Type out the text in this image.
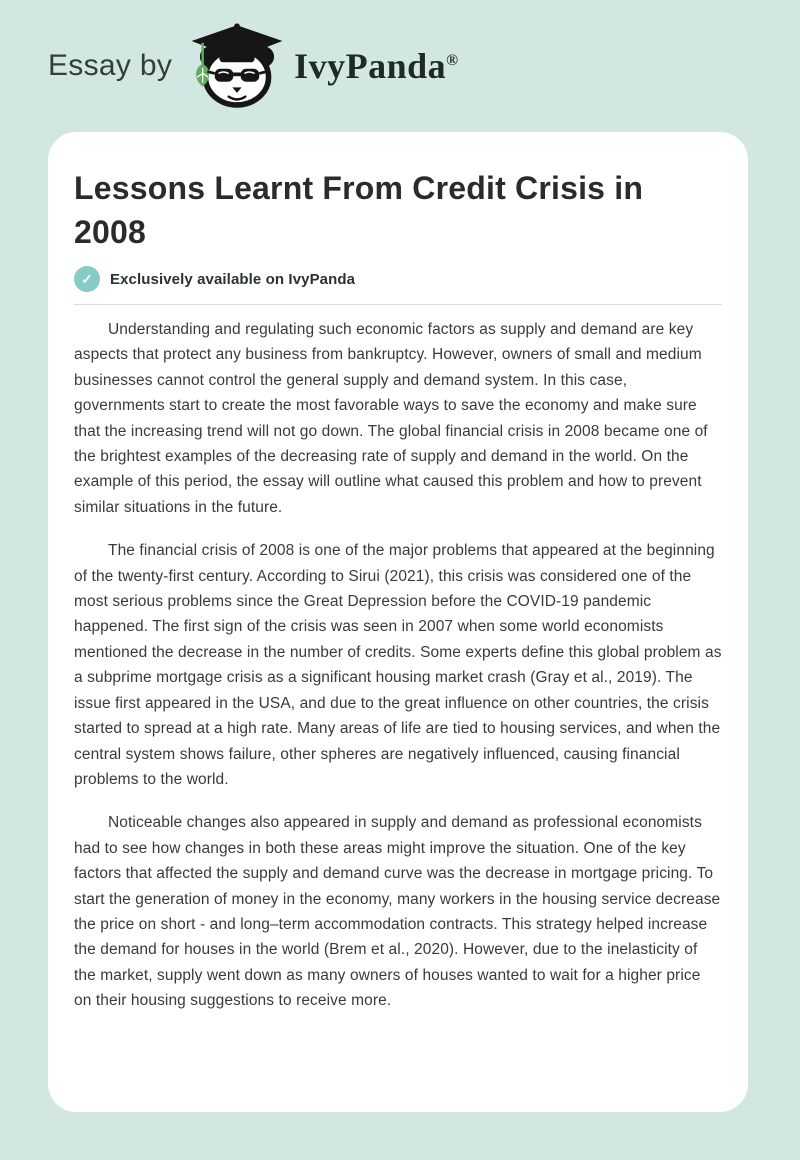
Essay by	IvyPanda®
Lessons Learnt From Credit Crisis in 2008
✓	Exclusively available on IvyPanda

Understanding and regulating such economic factors as supply and demand are key aspects that protect any business from bankruptcy. However, owners of small and medium businesses cannot control the general supply and demand system. In this case, governments start to create the most favorable ways to save the economy and make sure that the increasing trend will not go down. The global financial crisis in 2008 became one of the brightest examples of the decreasing rate of supply and demand in the world. On the example of this period, the essay will outline what caused this problem and how to prevent similar situations in the future.

The financial crisis of 2008 is one of the major problems that appeared at the beginning of the twenty-first century. According to Sirui (2021), this crisis was considered one of the most serious problems since the Great Depression before the COVID-19 pandemic happened. The first sign of the crisis was seen in 2007 when some world economists mentioned the decrease in the number of credits. Some experts define this global problem as a subprime mortgage crisis as a significant housing market crash (Gray et al., 2019). The issue first appeared in the USA, and due to the great influence on other countries, the crisis started to spread at a high rate. Many areas of life are tied to housing services, and when the central system shows failure, other spheres are negatively influenced, causing financial problems to the world.

Noticeable changes also appeared in supply and demand as professional economists had to see how changes in both these areas might improve the situation. One of the key factors that affected the supply and demand curve was the decrease in mortgage pricing. To start the generation of money in the economy, many workers in the housing service decrease the price on short - and long–term accommodation contracts. This strategy helped increase the demand for houses in the world (Brem et al., 2020). However, due to the inelasticity of the market, supply went down as many owners of houses wanted to wait for a higher price on their housing suggestions to receive more.
